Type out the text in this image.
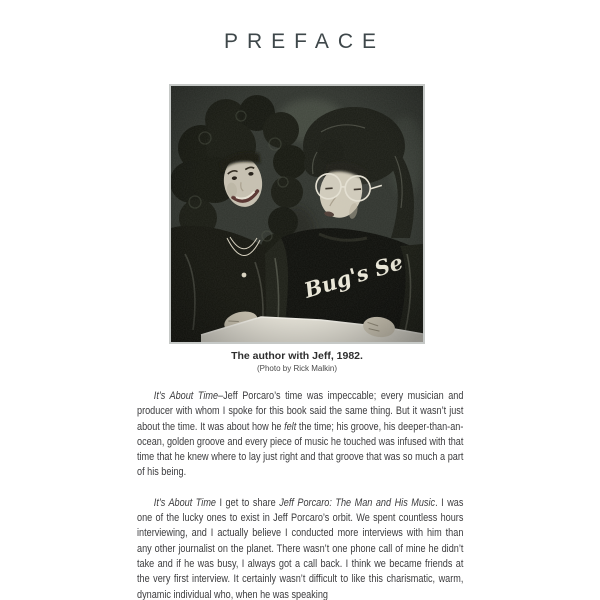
PREFACE

The author with Jeff, 1982.

(Photo by Rick Malkin)

It’s About Time–Jeff Porcaro’s time was impeccable; every musician and producer with whom I spoke for this book said the same thing. But it wasn’t just about the time. It was about how he felt the time; his groove, his deeper-than-an-ocean, golden groove and every piece of music he touched was infused with that time that he knew where to lay just right and that groove that was so much a part of his being.

It’s About Time I get to share Jeff Porcaro: The Man and His Music. I was one of the lucky ones to exist in Jeff Porcaro’s orbit. We spent countless hours interviewing, and I actually believe I conducted more interviews with him than any other journalist on the planet. There wasn’t one phone call of mine he didn’t take and if he was busy, I always got a call back. I think we became friends at the very first interview. It certainly wasn’t difficult to like this charismatic, warm, dynamic individual who, when he was speaking
